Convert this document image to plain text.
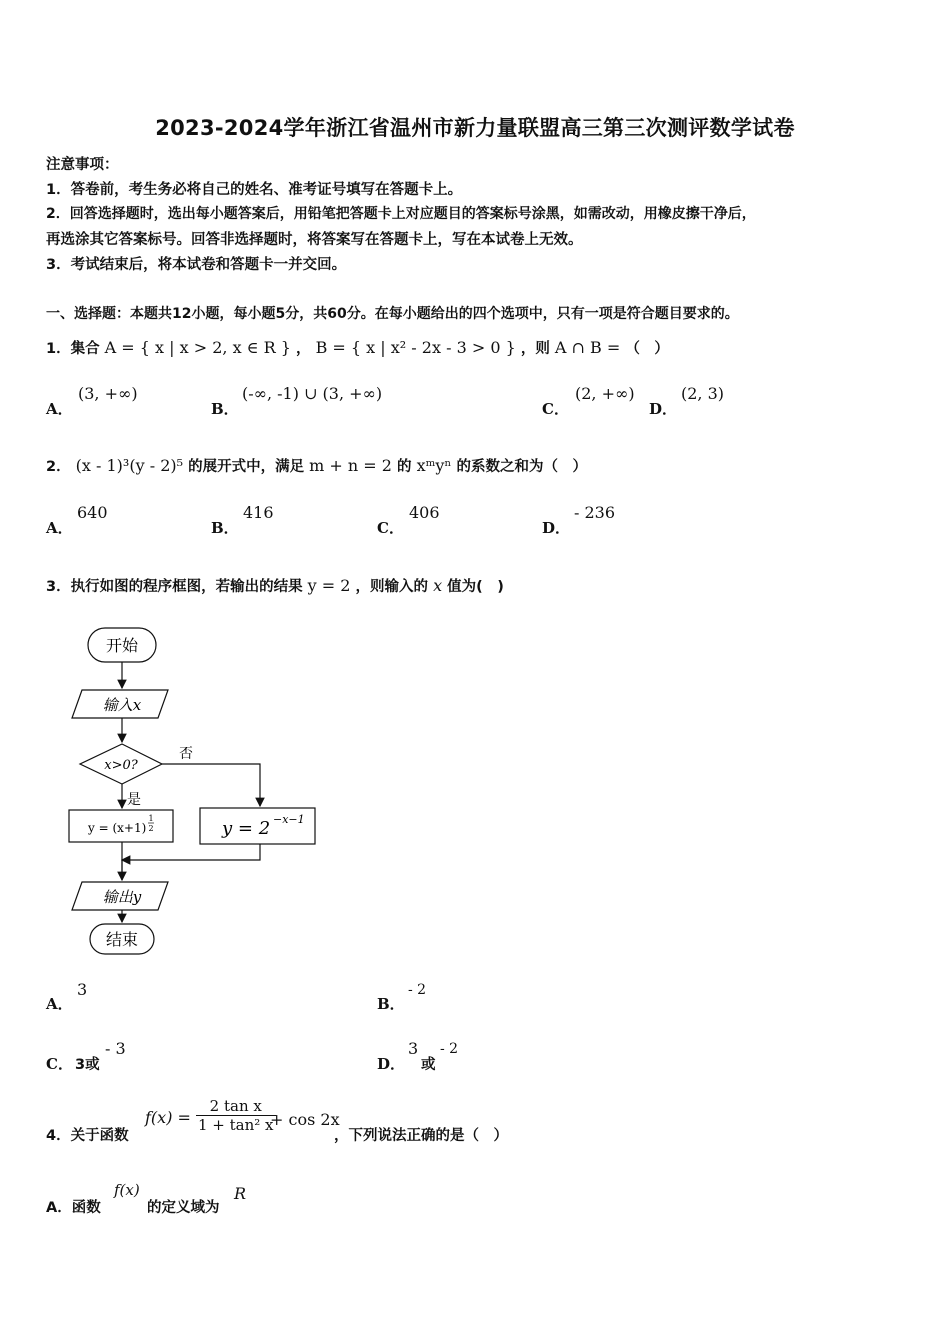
2023-2024学年浙江省温州市新力量联盟高三第三次测评数学试卷
注意事项：
1．答卷前，考生务必将自己的姓名、准考证号填写在答题卡上。
2．回答选择题时，选出每小题答案后，用铅笔把答题卡上对应题目的答案标号涂黑，如需改动，用橡皮擦干净后，
再选涂其它答案标号。回答非选择题时，将答案写在答题卡上，写在本试卷上无效。
3．考试结束后，将本试卷和答题卡一并交回。
一、选择题：本题共12小题，每小题5分，共60分。在每小题给出的四个选项中，只有一项是符合题目要求的。
1．集合 A = { x | x > 2, x ∈ R } ， B = { x | x² - 2x - 3 > 0 } ，则 A ∩ B = （　）
A．
(3, +∞)
B．
(-∞, -1) ∪ (3, +∞)
C．
(2, +∞)
D．
(2, 3)
2． (x - 1)³(y - 2)⁵ 的展开式中，满足 m + n = 2 的 xᵐyⁿ 的系数之和为（　）
A．
640
B．
416
C．
406
D．
- 236
3．执行如图的程序框图，若输出的结果 y = 2 ，则输入的 x 值为(　)
开始
输入x
x>0?
否
是
y = (x+1)
1
2	y = 2 −x−1
输出y
结束
A．
3
B．
- 2
C． 3或
- 3
D．
3
或
- 2
4．关于函数
$f(x) = \frac{\text{2 tan x}}{\text{1 + tan² x}}$
+ cos 2x
，下列说法正确的是（　）
A．函数
f(x)
的定义域为
R
